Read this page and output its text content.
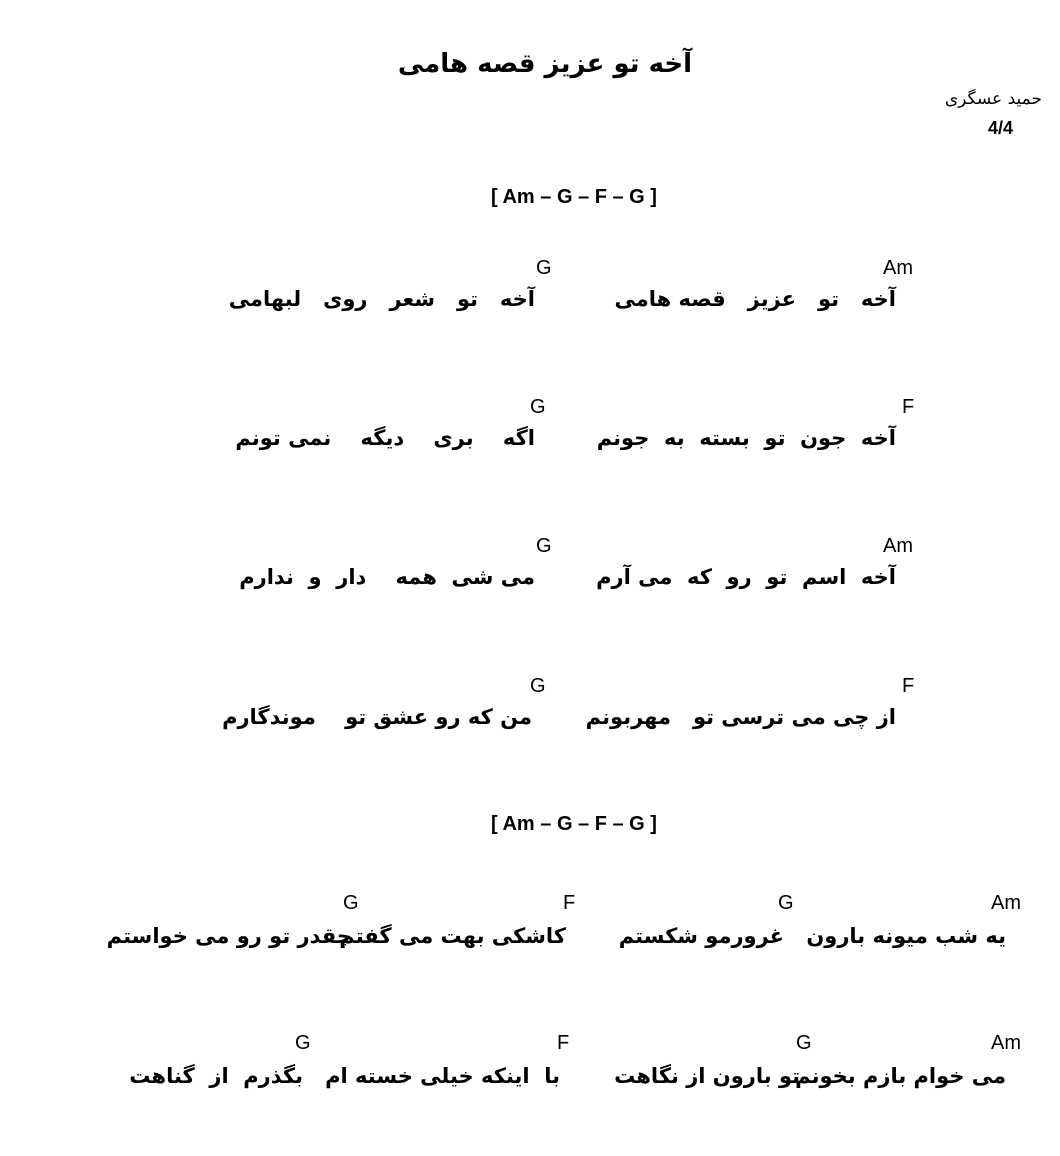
آخه تو عزیز قصه هامی
حمید عسگری
4/4
[ Am – G – F – G ]
Am
G
آخه   تو   عزیز   قصه هامی
آخه   تو   شعر   روی   لبهامی
F
G
آخه  جون  تو  بسته  به  جونم
اگه    بری    دیگه    نمی تونم
Am
G
آخه  اسم  تو  رو  که  می آرم
می شی  همه    دار  و  ندارم
F
G
از چی می ترسی تو   مهربونم
من که رو عشق تو    موندگارم
[ Am – G – F – G ]
Am
G
F
G
یه شب میونه بارون
غرورمو شکستم
کاشکی بهت می گفتم
چقدر تو رو می خواستم
Am
G
F
G
می خوام بازم بخونم
تو بارون از نگاهت
با  اینکه خیلی خسته ام
بگذرم  از  گناهت
